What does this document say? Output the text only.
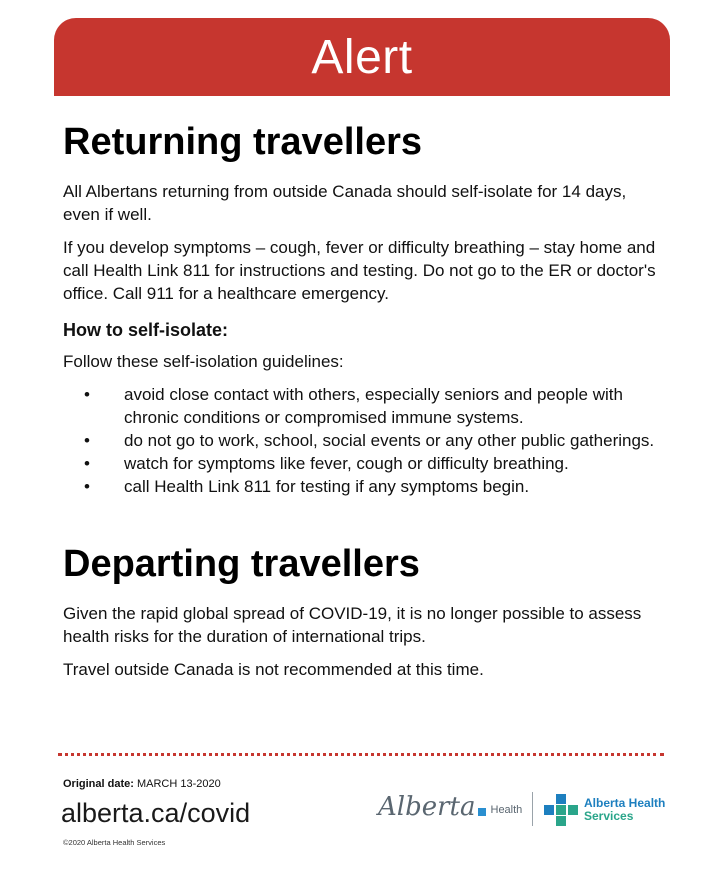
Alert
Returning travellers

All Albertans returning from outside Canada should self-isolate for 14 days, even if well.

If you develop symptoms – cough, fever or difficulty breathing – stay home and call Health Link 811 for instructions and testing. Do not go to the ER or doctor's office. Call 911 for a healthcare emergency.

How to self-isolate:

Follow these self-isolation guidelines:

• avoid close contact with others, especially seniors and people with chronic conditions or compromised immune systems.
• do not go to work, school, social events or any other public gatherings.
• watch for symptoms like fever, cough or difficulty breathing.
• call Health Link 811 for testing if any symptoms begin.
Departing travellers

Given the rapid global spread of COVID-19, it is no longer possible to assess health risks for the duration of international trips.

Travel outside Canada is not recommended at this time.

Original date: MARCH 13-2020
alberta.ca/covid
©2020 Alberta Health Services
Alberta Health	Alberta Health
Services
